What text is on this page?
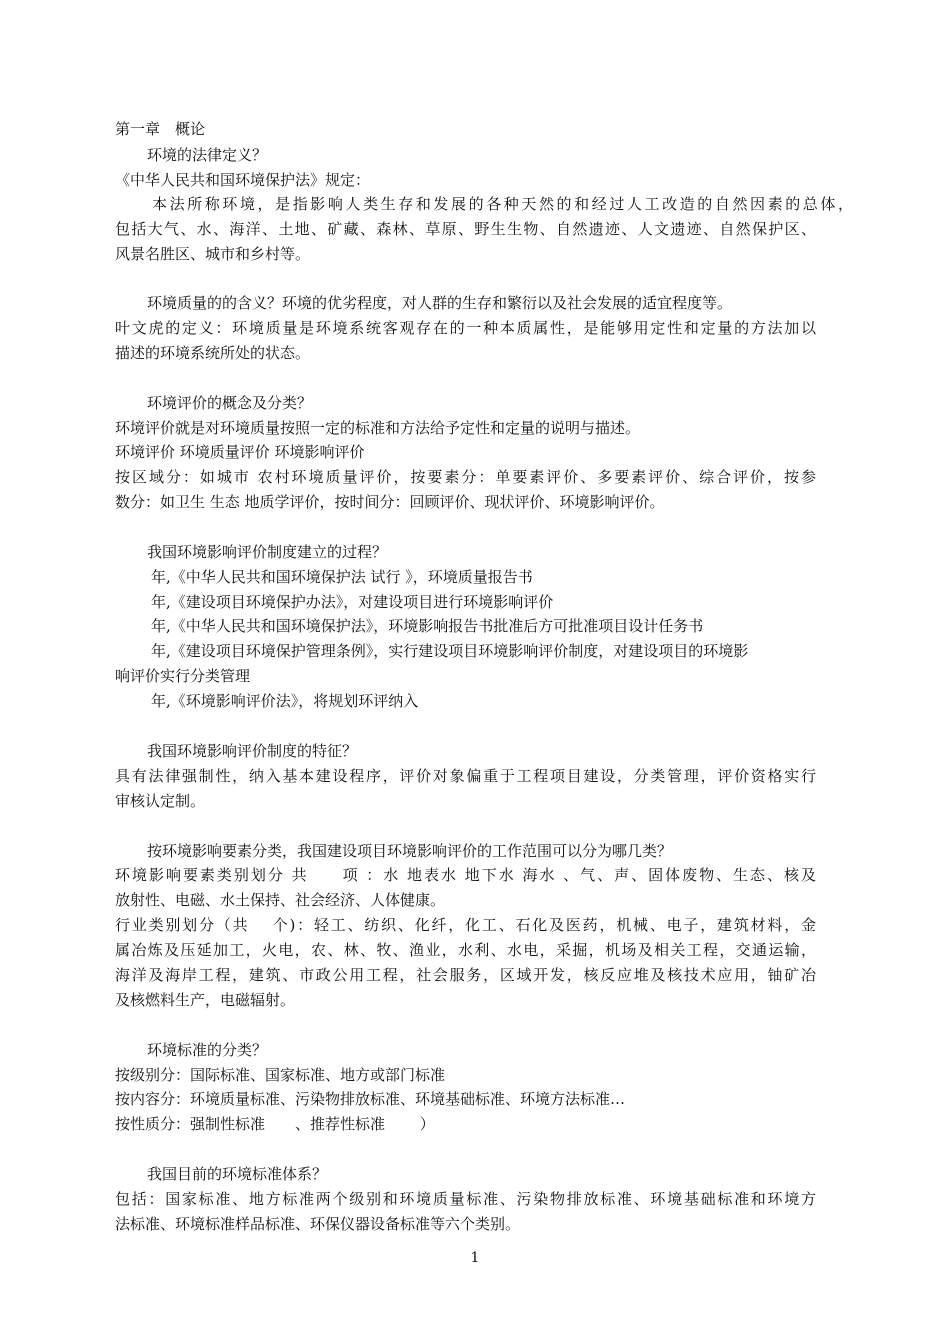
第一章　概论
环境的法律定义？
《中华人民共和国环境保护法》规定：
本法所称环境，是指影响人类生存和发展的各种天然的和经过人工改造的自然因素的总体，
包括大气、水、海洋、土地、矿藏、森林、草原、野生生物、自然遗迹、人文遗迹、自然保护区、
风景名胜区、城市和乡村等。
环境质量的的含义？环境的优劣程度，对人群的生存和繁衍以及社会发展的适宜程度等。
叶文虎的定义：环境质量是环境系统客观存在的一种本质属性，是能够用定性和定量的方法加以
描述的环境系统所处的状态。
环境评价的概念及分类？
环境评价就是对环境质量按照一定的标准和方法给予定性和定量的说明与描述。
环境评价 环境质量评价 环境影响评价
按区域分：如城市 农村环境质量评价，按要素分：单要素评价、多要素评价、综合评价，按参
数分：如卫生 生态 地质学评价，按时间分：回顾评价、现状评价、环境影响评价。
我国环境影响评价制度建立的过程？
年,《中华人民共和国环境保护法 试行 》，环境质量报告书
年,《建设项目环境保护办法》，对建设项目进行环境影响评价
年,《中华人民共和国环境保护法》，环境影响报告书批准后方可批准项目设计任务书
年,《建设项目环境保护管理条例》，实行建设项目环境影响评价制度，对建设项目的环境影
响评价实行分类管理
年,《环境影响评价法》，将规划环评纳入
我国环境影响评价制度的特征？
具有法律强制性，纳入基本建设程序，评价对象偏重于工程项目建设，分类管理，评价资格实行
审核认定制。
按环境影响要素分类，我国建设项目环境影响评价的工作范围可以分为哪几类？
环境影响要素类别划分 共　　项 ：水 地表水 地下水 海水 、气、声、固体废物、生态、核及
放射性、电磁、水土保持、社会经济、人体健康。
行业类别划分（共　 个)：轻工、纺织、化纤，化工、石化及医药，机械、电子，建筑材料，金
属冶炼及压延加工，火电，农、林、牧、渔业，水利、水电，采掘，机场及相关工程，交通运输，
海洋及海岸工程，建筑、市政公用工程，社会服务，区域开发，核反应堆及核技术应用，铀矿冶
及核燃料生产，电磁辐射。
环境标准的分类？
按级别分：国际标准、国家标准、地方或部门标准
按内容分：环境质量标准、污染物排放标准、环境基础标准、环境方法标准…
按性质分：强制性标准　　、推荐性标准　　 ）
我国目前的环境标准体系？
包括：国家标准、地方标准两个级别和环境质量标准、污染物排放标准、环境基础标准和环境方
法标准、环境标准样品标准、环保仪器设备标准等六个类别。
1
